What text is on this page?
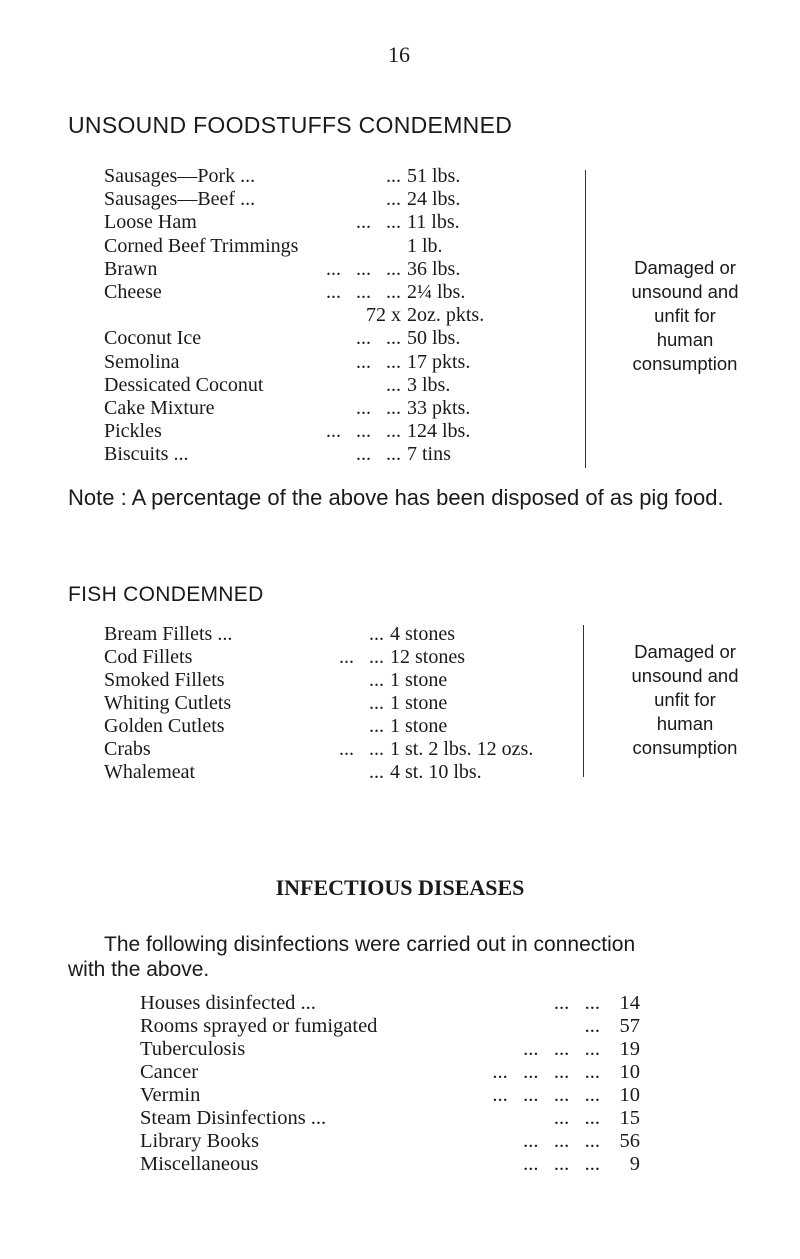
16
UNSOUND FOODSTUFFS CONDEMNED
Sausages—Pork ...	... 51 lbs.
Sausages—Beef ...	... 24 lbs.
Loose Ham	...   ... 11 lbs.
Corned Beef Trimmings	1 lb.
Brawn	...   ...   ... 36 lbs.
Cheese	...   ...   ... 2¼ lbs.
72 x 2oz. pkts.
Coconut Ice	...   ... 50 lbs.
Semolina	...   ... 17 pkts.
Dessicated Coconut	... 3 lbs.
Cake Mixture	...   ... 33 pkts.
Pickles	...   ...   ... 124 lbs.
Biscuits ...	...   ... 7 tins
Damaged or
unsound and
unfit for
human
consumption
Note : A percentage of the above has been disposed of as pig food.
FISH CONDEMNED
Bream Fillets ...	... 4 stones
Cod Fillets	...   ... 12 stones
Smoked Fillets	... 1 stone
Whiting Cutlets	... 1 stone
Golden Cutlets	... 1 stone
Crabs	...   ... 1 st. 2 lbs. 12 ozs.
Whalemeat	... 4 st. 10 lbs.
Damaged or
unsound and
unfit for
human
consumption
INFECTIOUS DISEASES
The following disinfections were carried out in connection
with the above.
Houses disinfected ...	...   ... 14
Rooms sprayed or fumigated	... 57
Tuberculosis	...   ...   ... 19
Cancer	...   ...   ...   ... 10
Vermin	...   ...   ...   ... 10
Steam Disinfections ...	...   ... 15
Library Books	...   ...   ... 56
Miscellaneous	...   ...   ...	9
